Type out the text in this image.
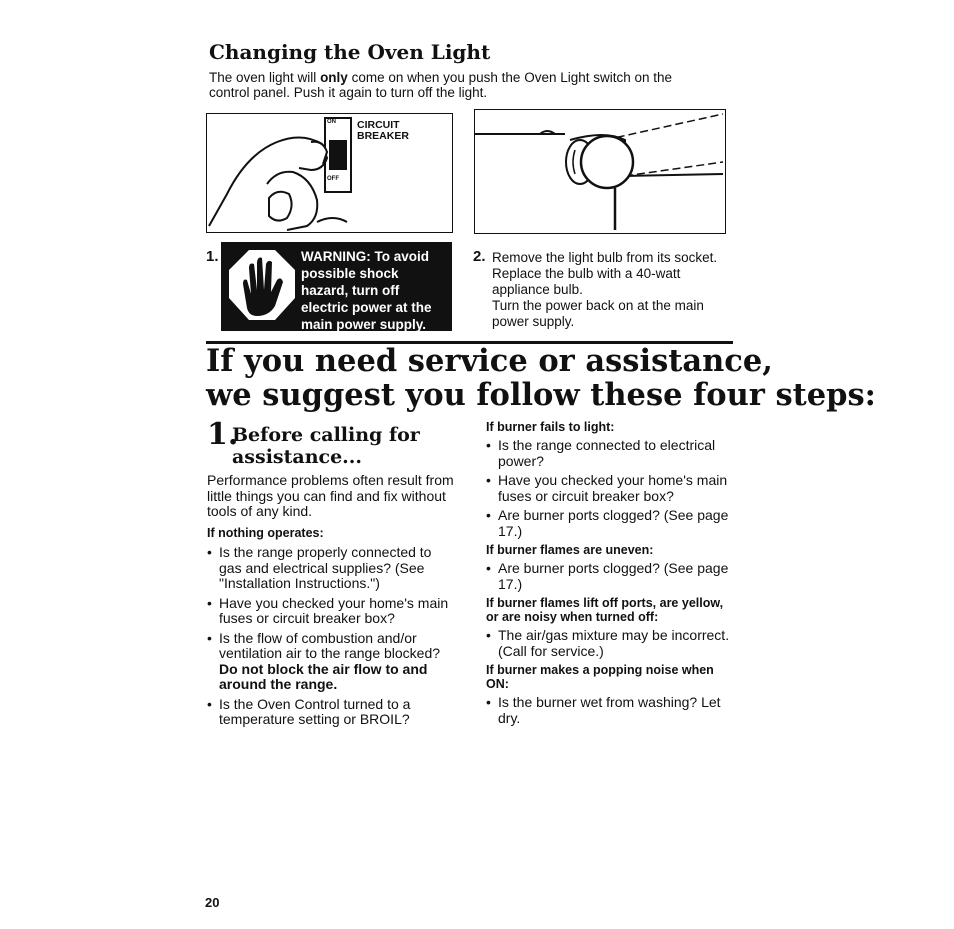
Changing the Oven Light
The oven light will only come on when you push the Oven Light switch on the control panel. Push it again to turn off the light.
ON
OFF
CIRCUIT BREAKER
1.	WARNING: To avoid possible shock hazard, turn off electric power at the main power supply.
2. Remove the light bulb from its socket. Replace the bulb with a 40-watt appliance bulb.
Turn the power back on at the main power supply.
If you need service or assistance,
we suggest you follow these four steps:
1.
Before calling for assistance...
Performance problems often result from little things you can find and fix without tools of any kind.
If nothing operates:
• Is the range properly connected to gas and electrical supplies? (See "Installation Instructions.")
• Have you checked your home's main fuses or circuit breaker box?
• Is the flow of combustion and/or ventilation air to the range blocked? Do not block the air flow to and around the range.
• Is the Oven Control turned to a temperature setting or BROIL?
If burner fails to light:
• Is the range connected to electrical power?
• Have you checked your home's main fuses or circuit breaker box?
• Are burner ports clogged? (See page 17.)
If burner flames are uneven:
• Are burner ports clogged? (See page 17.)
If burner flames lift off ports, are yellow, or are noisy when turned off:
• The air/gas mixture may be incorrect. (Call for service.)
If burner makes a popping noise when ON:
• Is the burner wet from washing? Let dry.
20
